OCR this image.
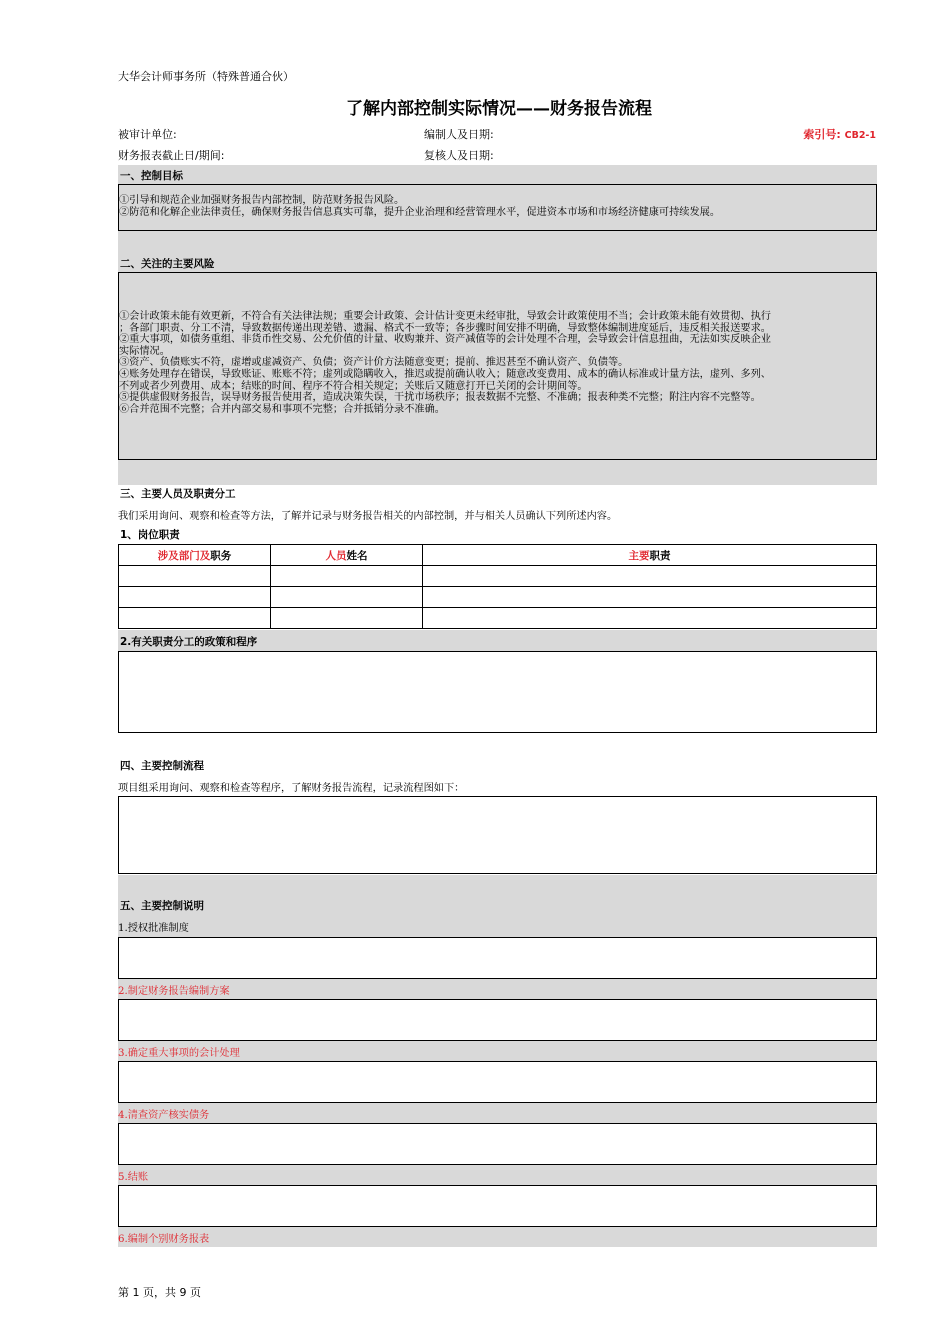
大华会计师事务所（特殊普通合伙）
了解内部控制实际情况——财务报告流程
被审计单位:	编制人及日期:	索引号: CB2-1
财务报表截止日/期间:	复核人及日期:
一、控制目标
①引导和规范企业加强财务报告内部控制，防范财务报告风险。
②防范和化解企业法律责任，确保财务报告信息真实可靠，提升企业治理和经营管理水平，促进资本市场和市场经济健康可持续发展。
二、关注的主要风险
①会计政策未能有效更新，不符合有关法律法规；重要会计政策、会计估计变更未经审批，导致会计政策使用不当；会计政策未能有效贯彻、执行
；各部门职责、分工不清，导致数据传递出现差错、遗漏、格式不一致等；各步骤时间安排不明确，导致整体编制进度延后，违反相关报送要求。
②重大事项，如债务重组、非货币性交易、公允价值的计量、收购兼并、资产减值等的会计处理不合理，会导致会计信息扭曲，无法如实反映企业
实际情况。
③资产、负债账实不符，虚增或虚减资产、负债；资产计价方法随意变更；提前、推迟甚至不确认资产、负债等。
④账务处理存在错误，导致账证、账账不符；虚列或隐瞒收入，推迟或提前确认收入；随意改变费用、成本的确认标准或计量方法，虚列、多列、
不列或者少列费用、成本；结账的时间、程序不符合相关规定；关账后又随意打开已关闭的会计期间等。
⑤提供虚假财务报告，误导财务报告使用者，造成决策失误，干扰市场秩序；报表数据不完整、不准确；报表种类不完整；附注内容不完整等。
⑥合并范围不完整；合并内部交易和事项不完整；合并抵销分录不准确。
三、主要人员及职责分工
我们采用询问、观察和检查等方法，了解并记录与财务报告相关的内部控制，并与相关人员确认下列所述内容。
1、岗位职责
涉及部门及职务	人员姓名	主要职责

2.有关职责分工的政策和程序
四、主要控制流程
项目组采用询问、观察和检查等程序，了解财务报告流程，记录流程图如下：
五、主要控制说明
1.授权批准制度
2.制定财务报告编制方案
3.确定重大事项的会计处理
4.清查资产核实债务
5.结账
6.编制个别财务报表
第 1 页，共 9 页
